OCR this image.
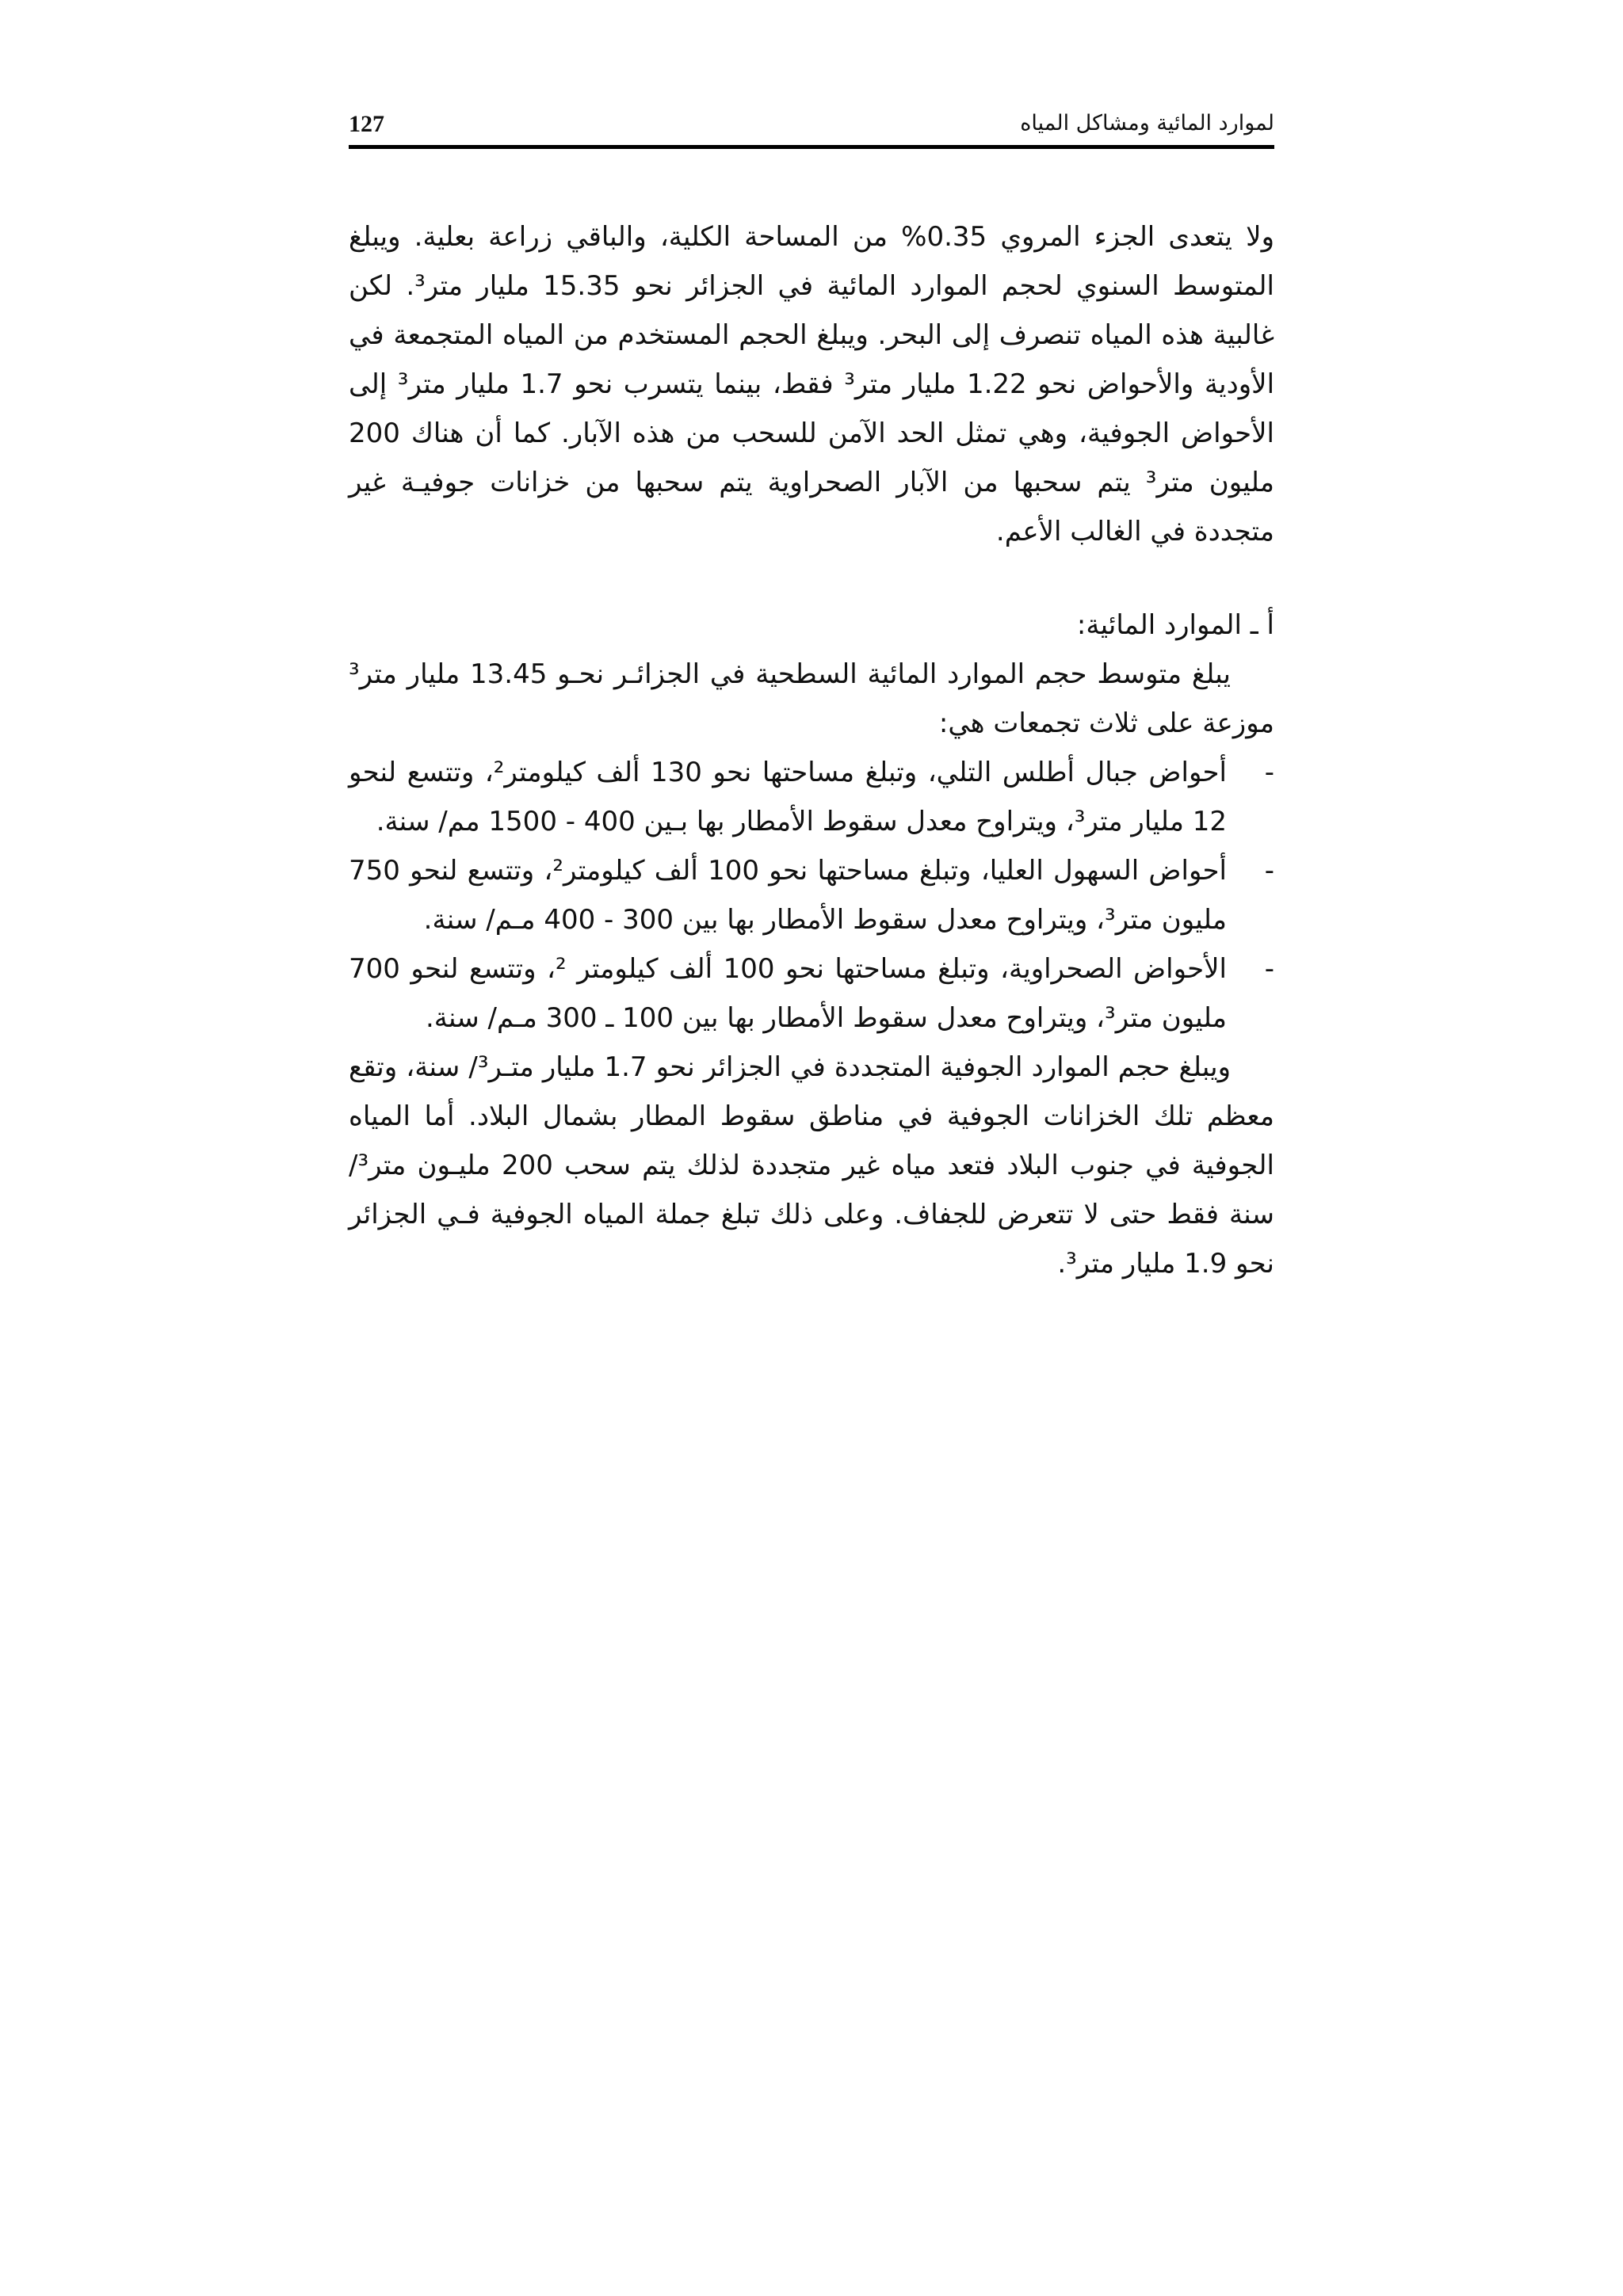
لموارد المائية ومشاكل المياه
127

ولا يتعدى الجزء المروي 0.35% من المساحة الكلية، والباقي زراعة بعلية. ويبلغ المتوسط السنوي لحجم الموارد المائية في الجزائر نحو 15.35 مليار متر³. لكن غالبية هذه المياه تنصرف إلى البحر. ويبلغ الحجم المستخدم من المياه المتجمعة في الأودية والأحواض نحو 1.22 مليار متر³ فقط، بينما يتسرب نحو 1.7 مليار متر³ إلى الأحواض الجوفية، وهي تمثل الحد الآمن للسحب من هذه الآبار. كما أن هناك 200 مليون متر³ يتم سحبها من الآبار الصحراوية يتم سحبها من خزانات جوفيـة غير متجددة في الغالب الأعم.

أ ـ الموارد المائية:

يبلغ متوسط حجم الموارد المائية السطحية في الجزائـر نحـو 13.45 مليار متر³ موزعة على ثلاث تجمعات هي:

-
أحواض جبال أطلس التلي، وتبلغ مساحتها نحو 130 ألف كيلومتر²، وتتسع لنحو 12 مليار متر³، ويتراوح معدل سقوط الأمطار بها بـين 400 - 1500 مم/ سنة.
-
أحواض السهول العليا، وتبلغ مساحتها نحو 100 ألف كيلومتر²، وتتسع لنحو 750 مليون متر³، ويتراوح معدل سقوط الأمطار بها بين 300 - 400 مـم/ سنة.
-
الأحواض الصحراوية، وتبلغ مساحتها نحو 100 ألف كيلومتر ²، وتتسع لنحو 700 مليون متر³، ويتراوح معدل سقوط الأمطار بها بين 100 ـ 300 مـم/ سنة.

ويبلغ حجم الموارد الجوفية المتجددة في الجزائر نحو 1.7 مليار متـر³/ سنة، وتقع معظم تلك الخزانات الجوفية في مناطق سقوط المطار بشمال البلاد. أما المياه الجوفية في جنوب البلاد فتعد مياه غير متجددة لذلك يتم سحب 200 مليـون متر³/ سنة فقط حتى لا تتعرض للجفاف. وعلى ذلك تبلغ جملة المياه الجوفية فـي الجزائر نحو 1.9 مليار متر³.
